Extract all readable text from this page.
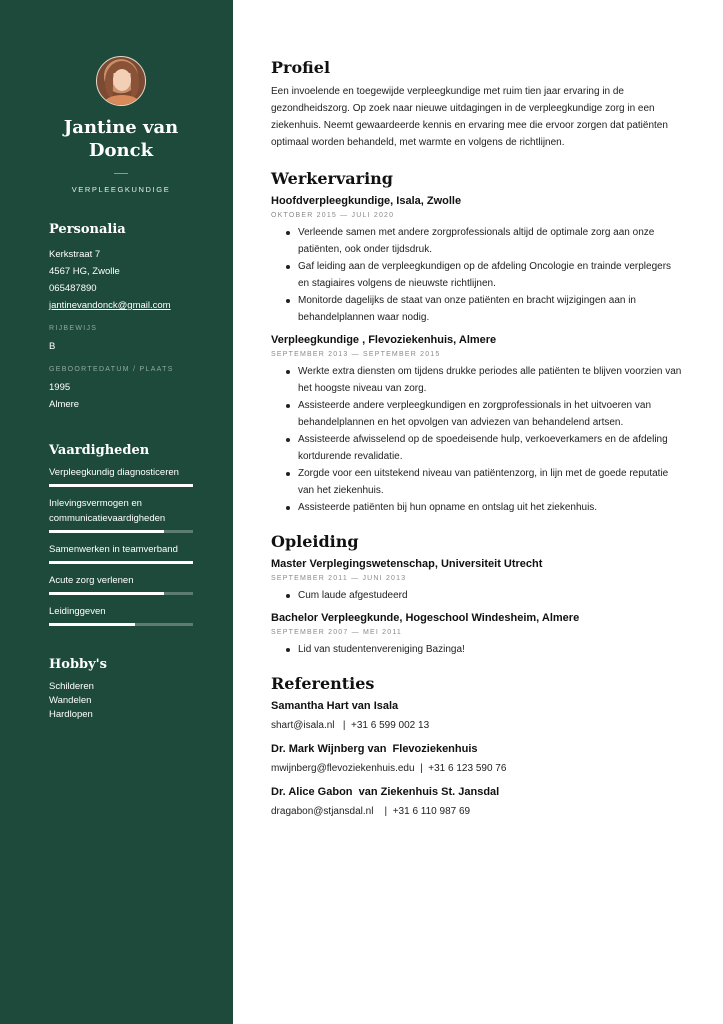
Jantine van Donck
VERPLEEGKUNDIGE
Personalia
Kerkstraat 7
4567 HG, Zwolle
065487890
jantinevandonck@gmail.com
RIJBEWIJS
B
GEBOORTEDATUM / PLAATS
1995
Almere
Vaardigheden
Verpleegkundig diagnosticeren
Inlevingsvermogen en communicatievaardigheden
Samenwerken in teamverband
Acute zorg verlenen
Leidinggeven
Hobby's
Schilderen
Wandelen
Hardlopen
Profiel

Een invoelende en toegewijde verpleegkundige met ruim tien jaar ervaring in de gezondheidszorg. Op zoek naar nieuwe uitdagingen in de verpleegkundige zorg in een ziekenhuis. Neemt gewaardeerde kennis en ervaring mee die ervoor zorgen dat patiënten optimaal worden behandeld, met warmte en volgens de richtlijnen.

Werkervaring
Hoofdverpleegkundige, Isala, Zwolle
OKTOBER 2015 — JULI 2020
Verleende samen met andere zorgprofessionals altijd de optimale zorg aan onze patiënten, ook onder tijdsdruk.
Gaf leiding aan de verpleegkundigen op de afdeling Oncologie en trainde verplegers en stagiaires volgens de nieuwste richtlijnen.
Monitorde dagelijks de staat van onze patiënten en bracht wijzigingen aan in behandelplannen waar nodig.
Verpleegkundige , Flevoziekenhuis, Almere
SEPTEMBER 2013 — SEPTEMBER 2015
Werkte extra diensten om tijdens drukke periodes alle patiënten te blijven voorzien van het hoogste niveau van zorg.
Assisteerde andere verpleegkundigen en zorgprofessionals in het uitvoeren van behandelplannen en het opvolgen van adviezen van behandelend artsen.
Assisteerde afwisselend op de spoedeisende hulp, verkoeverkamers en de afdeling kortdurende revalidatie.
Zorgde voor een uitstekend niveau van patiëntenzorg, in lijn met de goede reputatie van het ziekenhuis.
Assisteerde patiënten bij hun opname en ontslag uit het ziekenhuis.
Opleiding
Master Verplegingswetenschap, Universiteit Utrecht
SEPTEMBER 2011 — JUNI 2013
Cum laude afgestudeerd
Bachelor Verpleegkunde, Hogeschool Windesheim, Almere
SEPTEMBER 2007 — MEI 2011
Lid van studentenvereniging Bazinga!
Referenties
Samantha Hart van Isala
shart@isala.nl   |  +31 6 599 002 13
Dr. Mark Wijnberg van  Flevoziekenhuis
mwijnberg@flevoziekenhuis.edu  |  +31 6 123 590 76
Dr. Alice Gabon  van Ziekenhuis St. Jansdal
dragabon@stjansdal.nl    |  +31 6 110 987 69
